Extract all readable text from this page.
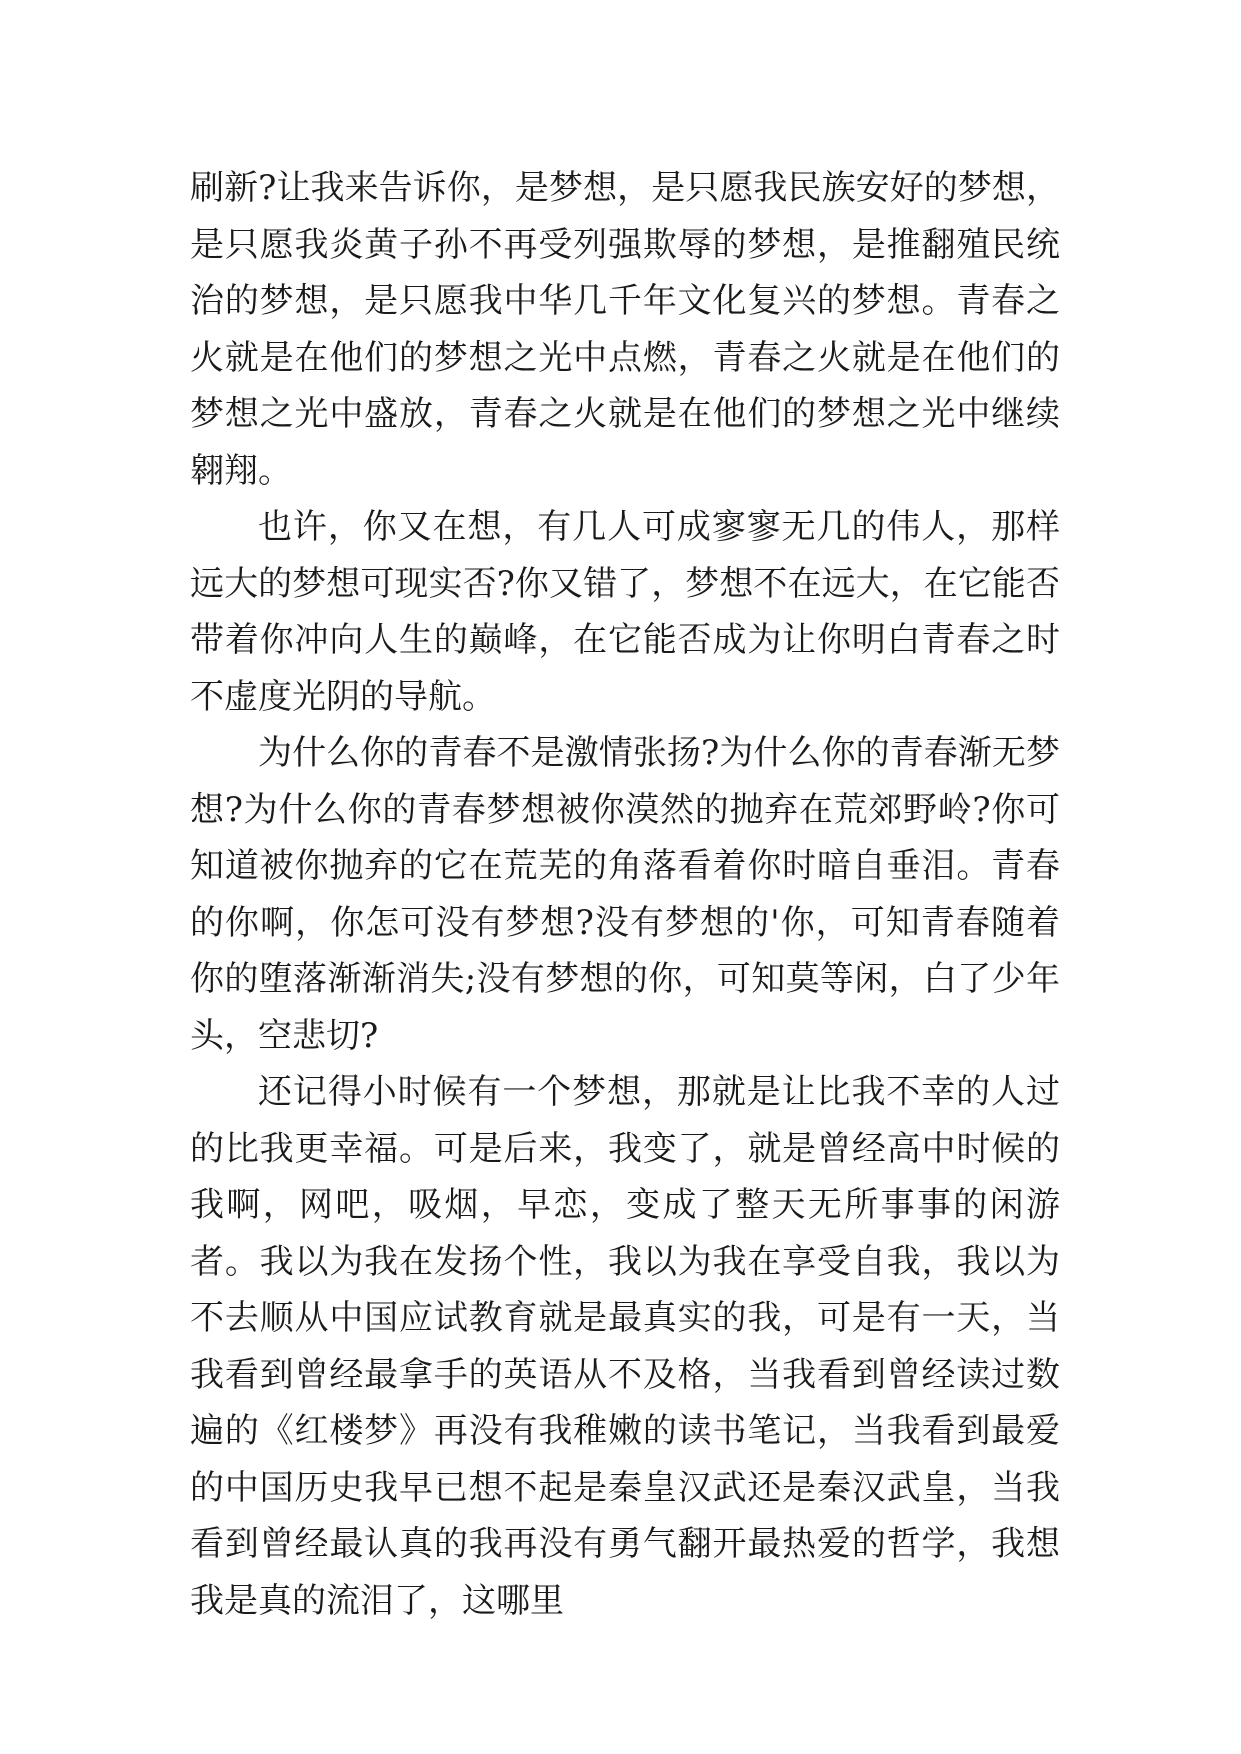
刷新?让我来告诉你，是梦想，是只愿我民族安好的梦想，是只愿我炎黄子孙不再受列强欺辱的梦想，是推翻殖民统治的梦想，是只愿我中华几千年文化复兴的梦想。青春之火就是在他们的梦想之光中点燃，青春之火就是在他们的梦想之光中盛放，青春之火就是在他们的梦想之光中继续翱翔。

也许，你又在想，有几人可成寥寥无几的伟人，那样远大的梦想可现实否?你又错了，梦想不在远大，在它能否带着你冲向人生的巅峰，在它能否成为让你明白青春之时不虚度光阴的导航。

为什么你的青春不是激情张扬?为什么你的青春渐无梦想?为什么你的青春梦想被你漠然的抛弃在荒郊野岭?你可知道被你抛弃的它在荒芜的角落看着你时暗自垂泪。青春的你啊，你怎可没有梦想?没有梦想的'你，可知青春随着你的堕落渐渐消失;没有梦想的你，可知莫等闲，白了少年头，空悲切?

还记得小时候有一个梦想，那就是让比我不幸的人过的比我更幸福。可是后来，我变了，就是曾经高中时候的我啊，网吧，吸烟，早恋，变成了整天无所事事的闲游者。我以为我在发扬个性，我以为我在享受自我，我以为不去顺从中国应试教育就是最真实的我，可是有一天，当我看到曾经最拿手的英语从不及格，当我看到曾经读过数遍的《红楼梦》再没有我稚嫩的读书笔记，当我看到最爱的中国历史我早已想不起是秦皇汉武还是秦汉武皇，当我看到曾经最认真的我再没有勇气翻开最热爱的哲学，我想我是真的流泪了，这哪里
